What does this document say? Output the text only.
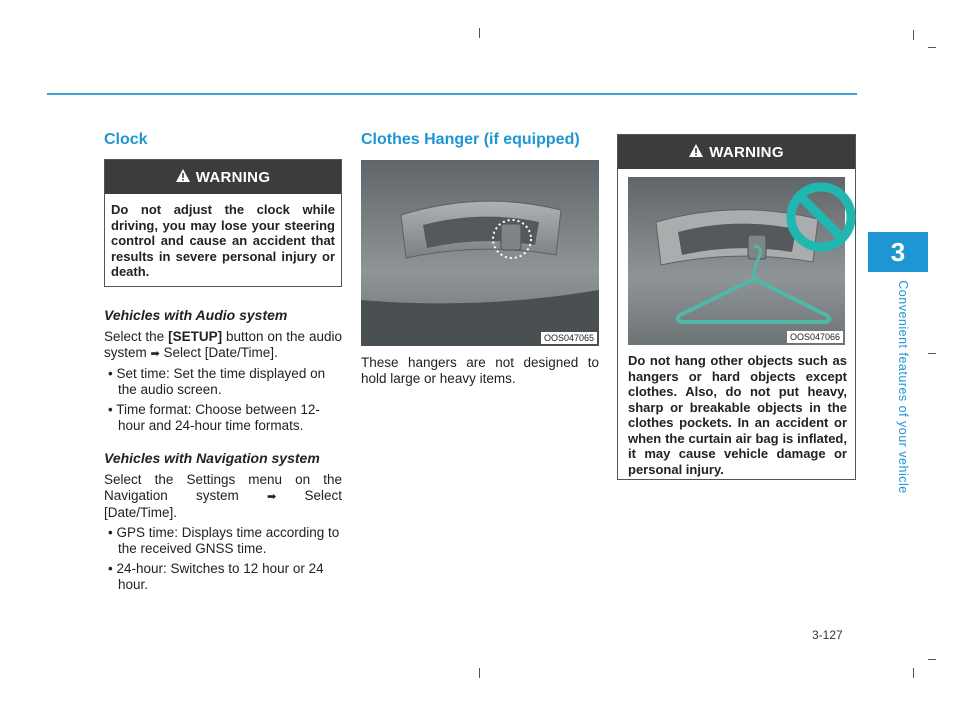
3
Convenient features of your vehicle
Clock
WARNING
Do not adjust the clock while driving, you may lose your steering control and cause an accident that results in severe personal injury or death.
Vehicles with Audio system

Select the [SETUP] button on the audio system ➡ Select [Date/Time].

• Set time: Set the time displayed on the audio screen.
• Time format: Choose between 12-hour and 24-hour time formats.
Vehicles with Navigation system

Select the Settings menu on the Navigation system ➡ Select [Date/Time].

• GPS time: Displays time according to the received GNSS time.
• 24-hour: Switches to 12 hour or 24 hour.
Clothes Hanger (if equipped)
OOS047065

These hangers are not designed to hold large or heavy items.

WARNING
OOS047066
Do not hang other objects such as hangers or hard objects except clothes. Also, do not put heavy, sharp or breakable objects in the clothes pockets. In an accident or when the curtain air bag is inflated, it may cause vehicle damage or personal injury.
3-127
